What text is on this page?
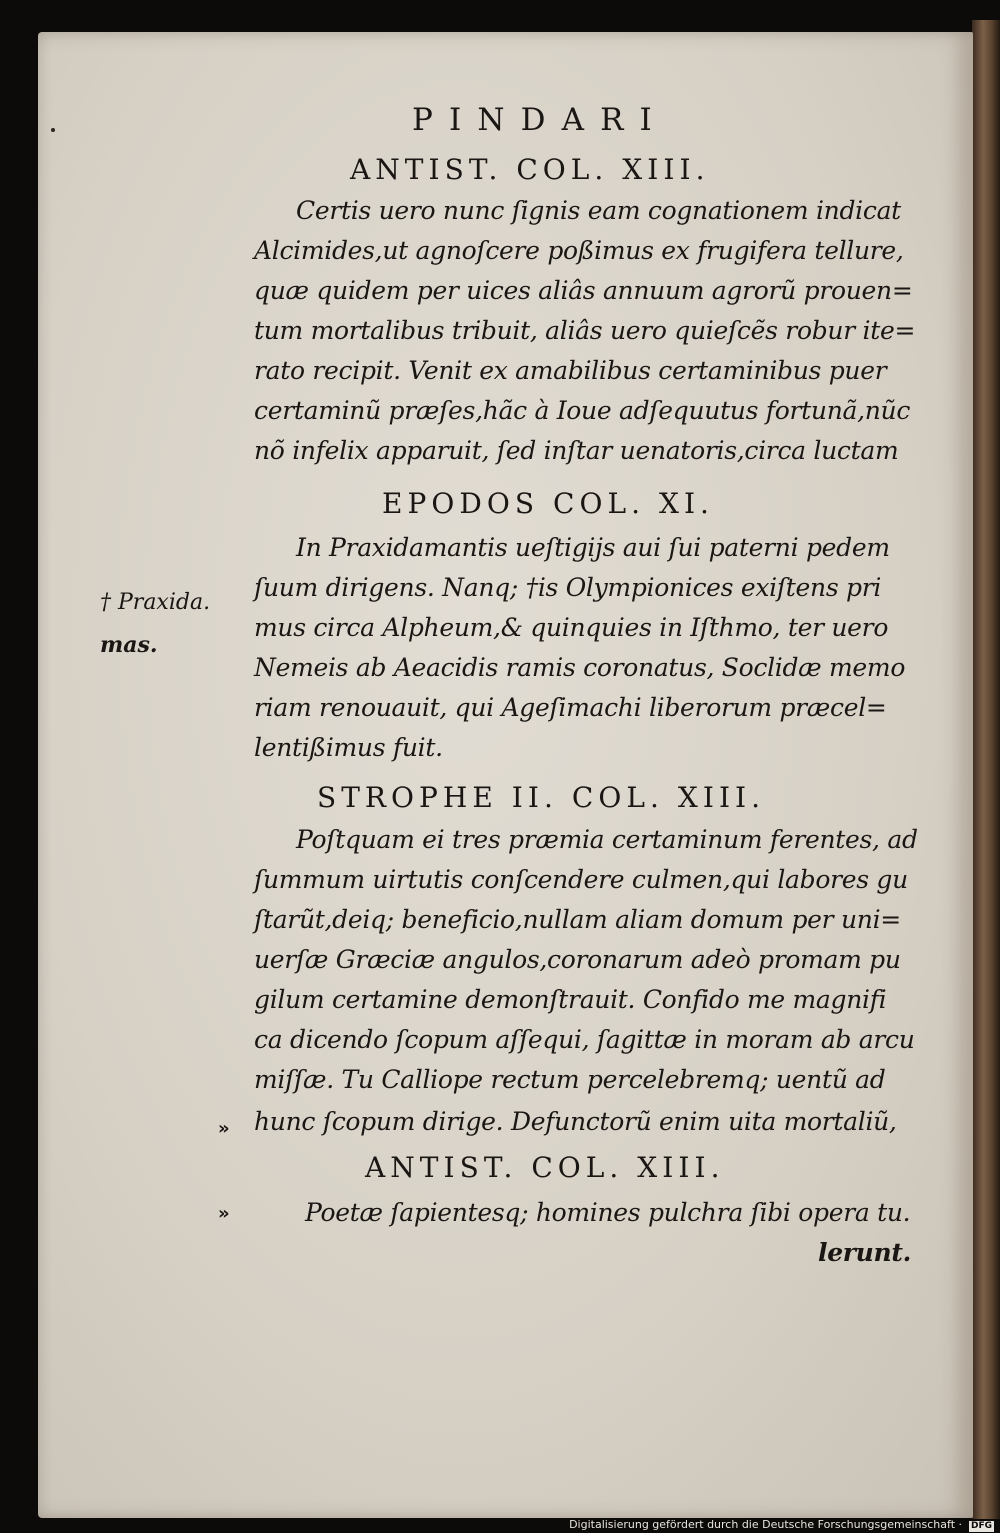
PINDARI
ANTIST. COL. XIII.
Certis uero nunc ſignis eam cognationem indicat
Alcimides,ut agnoſcere poßimus ex frugifera tellure,
quæ quidem per uices aliâs annuum agrorũ prouen=
tum mortalibus tribuit, aliâs uero quieſcẽs robur ite=
rato recipit. Venit ex amabilibus certaminibus puer
certaminũ præſes,hãc à Ioue adſequutus fortunã,nũc
nõ infelix apparuit, ſed inſtar uenatoris,circa luctam
EPODOS COL. XI.
In Praxidamantis ueſtigijs aui ſui paterni pedem
ſuum dirigens. Nanq; †is Olympionices exiſtens pri
mus circa Alpheum,& quinquies in Iſthmo, ter uero
Nemeis ab Aeacidis ramis coronatus, Soclidæ memo
riam renouauit, qui Ageſimachi liberorum præcel=
lentißimus fuit.
† Praxida.
mas.
STROPHE II. COL. XIII.
Poſtquam ei tres præmia certaminum ferentes, ad
ſummum uirtutis conſcendere culmen,qui labores gu
ſtarũt,deiq; beneficio,nullam aliam domum per uni=
uerſæ Græciæ angulos,coronarum adeò promam pu
gilum certamine demonſtrauit. Confido me magnifi
ca dicendo ſcopum aſſequi, ſagittæ in moram ab arcu
miſſæ. Tu Calliope rectum percelebremq; uentũ ad
hunc ſcopum dirige. Defunctorũ enim uita mortaliũ,
»
ANTIST. COL. XIII.
»	Poetæ ſapientesq; homines pulchra ſibi opera tu.
lerunt.
Digitalisierung gefördert durch die Deutsche Forschungsgemeinschaft · DFG
